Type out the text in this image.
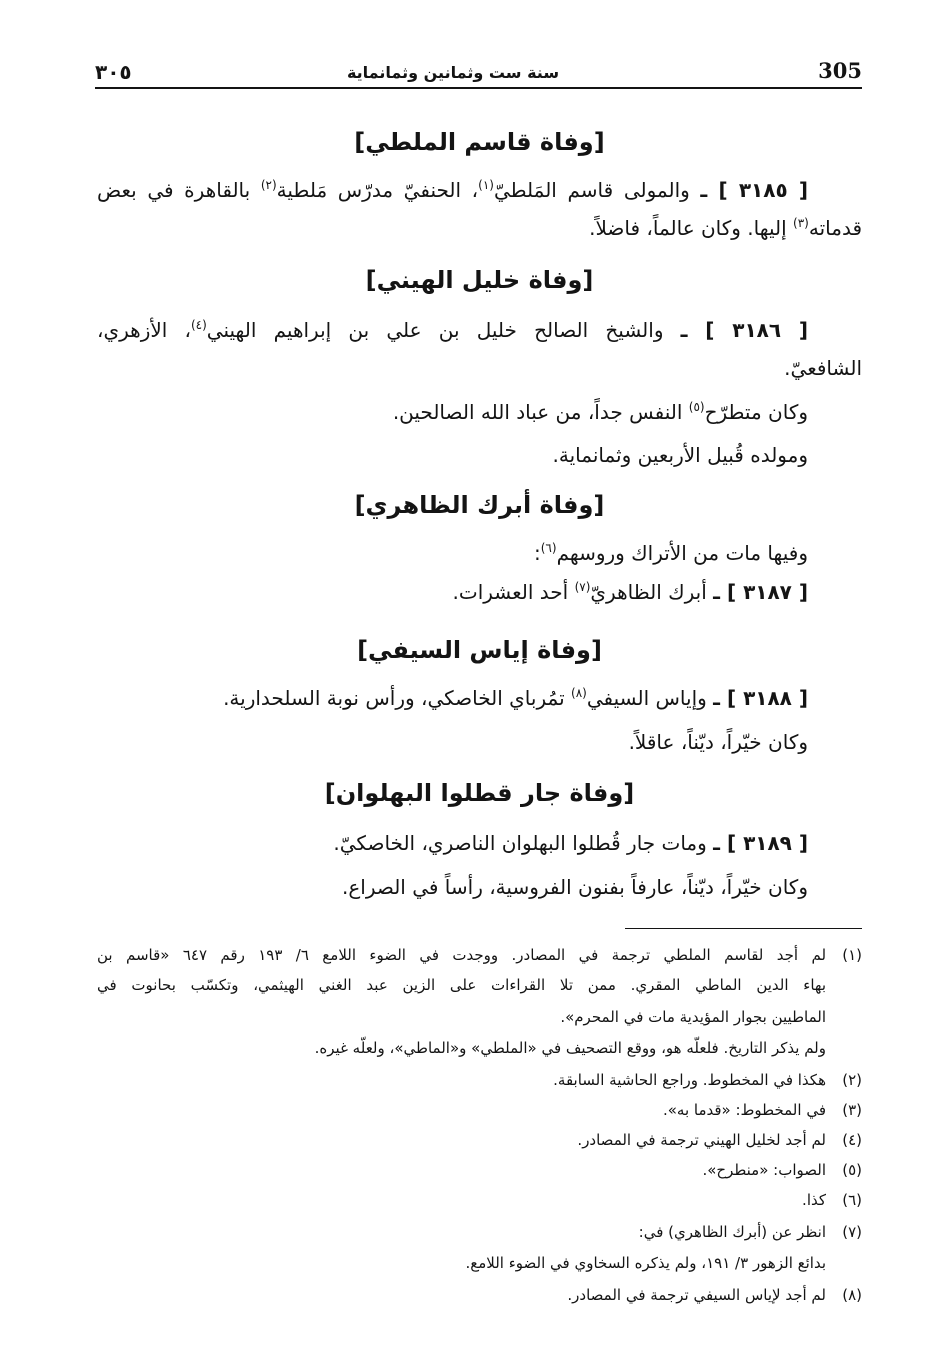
٣٠٥	سنة ست وثمانين وثمانماية	305
[وفاة قاسم الملطي]
[ ٣١٨٥ ] ـ والمولى قاسم المَلطيّ$^{(١)}$، الحنفيّ مدرّس مَلطية$^{(٢)}$ بالقاهرة في بعض
قدماته$^{(٣)}$ إليها. وكان عالماً، فاضلاً.
[وفاة خليل الهيني]
[ ٣١٨٦ ] ـ والشيخ الصالح خليل بن علي بن إبراهيم الهيني$^{(٤)}$، الأزهري،
الشافعيّ.
وكان متطرّح$^{(٥)}$ النفس جداً، من عباد الله الصالحين.
ومولده قُبيل الأربعين وثمانماية.
[وفاة أبرك الظاهري]
وفيها مات من الأتراك وروسهم$^{(٦)}$:
[ ٣١٨٧ ] ـ أبرك الظاهريّ$^{(٧)}$ أحد العشرات.
[وفاة إياس السيفي]
[ ٣١٨٨ ] ـ وإياس السيفي$^{(٨)}$ تمُرباي الخاصكي، ورأس نوبة السلحدارية.
وكان خيّراً، ديّناً، عاقلاً.
[وفاة جار قطلوا البهلوان]
[ ٣١٨٩ ] ـ ومات جار قُطلوا البهلوان الناصري، الخاصكيّ.
وكان خيّراً، ديّناً، عارفاً بفنون الفروسية، رأساً في الصراع.
(١)
لم أجد لقاسم الملطي ترجمة في المصادر. ووجدت في الضوء اللامع ٦/ ١٩٣ رقم ٦٤٧ «قاسم بن
بهاء الدين الماطي المقري. ممن تلا القراءات على الزين عبد الغني الهيثمي، وتكسّب بحانوت في
الماطيين بجوار المؤيدية مات في المحرم».
ولم يذكر التاريخ. فلعلّه هو، ووقع التصحيف في «الملطي» و«الماطي»، ولعلّه غيره.
(٢)
هكذا في المخطوط. وراجع الحاشية السابقة.
(٣)
في المخطوط: «قدما به».
(٤)
لم أجد لخليل الهيني ترجمة في المصادر.
(٥)
الصواب: «منطرح».
(٦)
كذا.
(٧)
انظر عن (أبرك الظاهري) في:
بدائع الزهور ٣/ ١٩١، ولم يذكره السخاوي في الضوء اللامع.
(٨)
لم أجد لإياس السيفي ترجمة في المصادر.
